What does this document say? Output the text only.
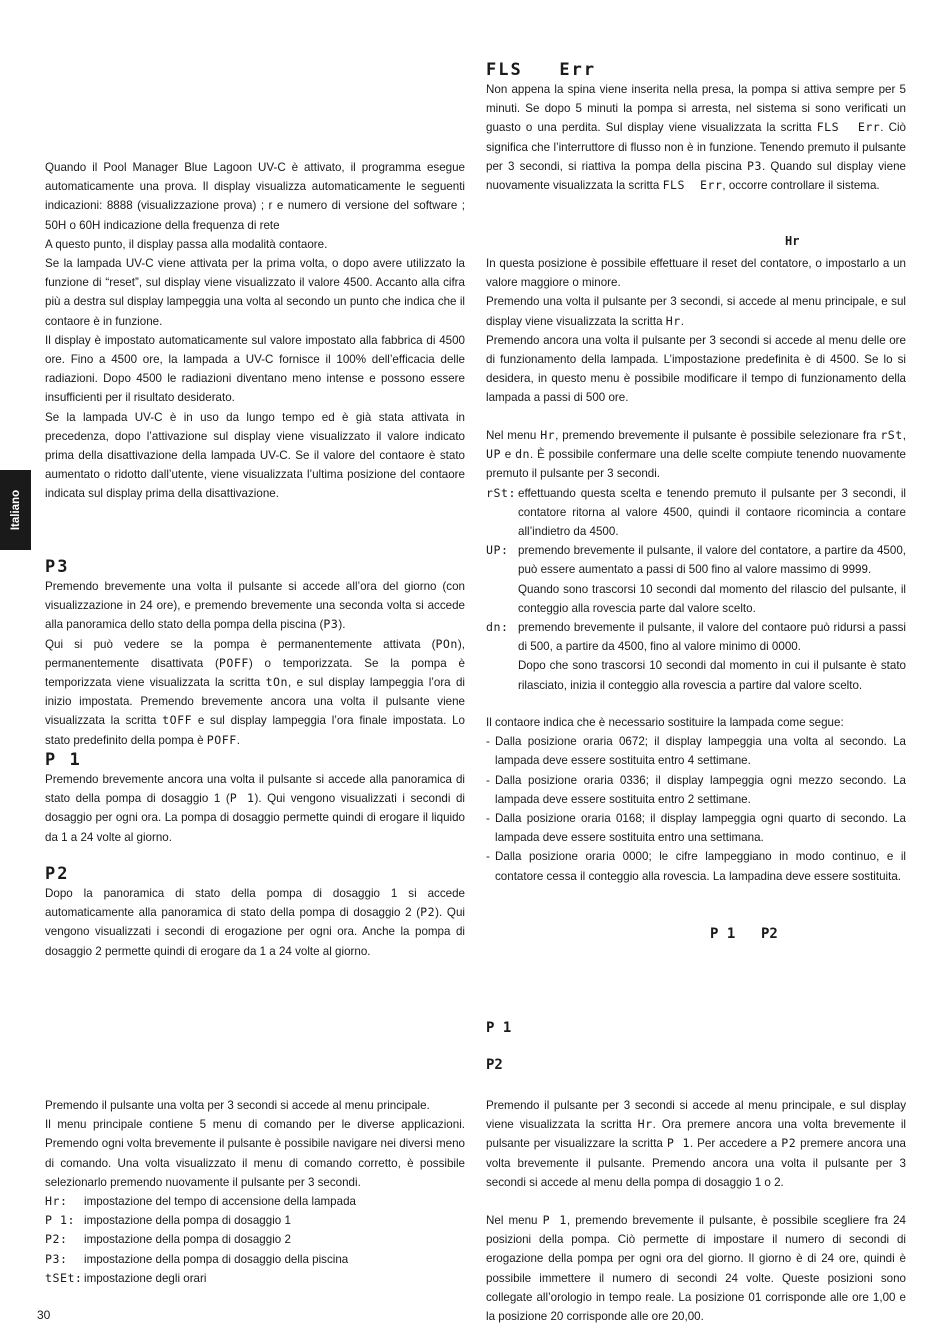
Italiano

Quando il Pool Manager Blue Lagoon UV-C è attivato, il programma esegue automaticamente una prova. Il display visualizza automaticamente le seguenti indicazioni: 8888 (visualizzazione prova) ; r e numero di versione del software ; 50H o 60H indicazione della frequenza di rete

A questo punto, il display passa alla modalità contaore.

Se la lampada UV-C viene attivata per la prima volta, o dopo avere utilizzato la funzione di “reset”, sul display viene visualizzato il valore 4500. Accanto alla cifra più a destra sul display lampeggia una volta al secondo un punto che indica che il contaore è in funzione.

Il display è impostato automaticamente sul valore impostato alla fabbrica di 4500 ore. Fino a 4500 ore, la lampada a UV-C fornisce il 100% dell’efficacia delle radiazioni. Dopo 4500 le radiazioni diventano meno intense e possono essere insufficienti per il risultato desiderato.

Se la lampada UV-C è in uso da lungo tempo ed è già stata attivata in precedenza, dopo l’attivazione sul display viene visualizzato il valore indicato prima della disattivazione della lampada UV-C. Se il valore del contaore è stato aumentato o ridotto dall’utente, viene visualizzata l’ultima posizione del contaore indicata sul display prima della disattivazione.

P3

Premendo brevemente una volta il pulsante si accede all’ora del giorno (con visualizzazione in 24 ore), e premendo brevemente una seconda volta si accede alla panoramica dello stato della pompa della piscina (P3).
Qui si può vedere se la pompa è permanentemente attivata (POn), permanentemente disattivata (POFF) o temporizzata. Se la pompa è temporizzata viene visualizzata la scritta tOn, e sul display lampeggia l’ora di inizio impostata. Premendo brevemente ancora una volta il pulsante viene visualizzata la scritta tOFF e sul display lampeggia l’ora finale impostata. Lo stato predefinito della pompa è POFF.

P 1

Premendo brevemente ancora una volta il pulsante si accede alla panoramica di stato della pompa di dosaggio 1 (P 1). Qui vengono visualizzati i secondi di dosaggio per ogni ora. La pompa di dosaggio permette quindi di erogare il liquido da 1 a 24 volte al giorno.

P2

Dopo la panoramica di stato della pompa di dosaggio 1 si accede automaticamente alla panoramica di stato della pompa di dosaggio 2 (P2). Qui vengono visualizzati i secondi di erogazione per ogni ora. Anche la pompa di dosaggio 2 permette quindi di erogare da 1 a 24 volte al giorno.

Premendo il pulsante una volta per 3 secondi si accede al menu principale.

Il menu principale contiene 5 menu di comando per le diverse applicazioni. Premendo ogni volta brevemente il pulsante è possibile navigare nei diversi meno di comando. Una volta visualizzato il menu di comando corretto, è possibile selezionarlo premendo nuovamente il pulsante per 3 secondi.

Hr:	impostazione del tempo di accensione della lampada
P 1: impostazione della pompa di dosaggio 1
P2:	impostazione della pompa di dosaggio 2
P3:	impostazione della pompa di dosaggio della piscina
tSEt: impostazione degli orari
FLS   Err

Non appena la spina viene inserita nella presa, la pompa si attiva sempre per 5 minuti. Se dopo 5 minuti la pompa si arresta, nel sistema si sono verificati un guasto o una perdita. Sul display viene visualizzata la scritta FLS  Err. Ciò significa che l’interruttore di flusso non è in funzione. Tenendo premuto il pulsante per 3 secondi, si riattiva la pompa della piscina P3. Quando sul display viene nuovamente visualizzata la scritta FLS  Err, occorre controllare il sistema.

Hr

In questa posizione è possibile effettuare il reset del contatore, o impostarlo a un valore maggiore o minore.

Premendo una volta il pulsante per 3 secondi, si accede al menu principale, e sul display viene visualizzata la scritta Hr.

Premendo ancora una volta il pulsante per 3 secondi si accede al menu delle ore di funzionamento della lampada. L’impostazione predefinita è di 4500. Se lo si desidera, in questo menu è possibile modificare il tempo di funzionamento della lampada a passi di 500 ore.

Nel menu Hr, premendo brevemente il pulsante è possibile selezionare fra rSt, UP e dn. È possibile confermare una delle scelte compiute tenendo nuovamente premuto il pulsante per 3 secondi.

rSt: effettuando questa scelta e tenendo premuto il pulsante per 3 secondi, il contatore ritorna al valore 4500, quindi il contaore ricomincia a contare all’indietro da 4500.
UP: premendo brevemente il pulsante, il valore del contatore, a partire da 4500, può essere aumentato a passi di 500 fino al valore massimo di 9999.
Quando sono trascorsi 10 secondi dal momento del rilascio del pulsante, il conteggio alla rovescia parte dal valore scelto.
dn: premendo brevemente il pulsante, il valore del contaore può ridursi a passi di 500, a partire da 4500, fino al valore minimo di 0000.
Dopo che sono trascorsi 10 secondi dal momento in cui il pulsante è stato rilasciato, inizia il conteggio alla rovescia a partire dal valore scelto.

Il contaore indica che è necessario sostituire la lampada come segue:

- Dalla posizione oraria 0672; il display lampeggia una volta al secondo. La lampada deve essere sostituita entro 4 settimane.
- Dalla posizione oraria 0336; il display lampeggia ogni mezzo secondo. La lampada deve essere sostituita entro 2 settimane.
- Dalla posizione oraria 0168; il display lampeggia ogni quarto di secondo. La lampada deve essere sostituita entro una settimana.
- Dalla posizione oraria 0000; le cifre lampeggiano in modo continuo, e il contatore cessa il conteggio alla rovescia. La lampadina deve essere sostituita.
P 1 P2
P 1
P2

Premendo il pulsante per 3 secondi si accede al menu principale, e sul display viene visualizzata la scritta Hr. Ora premere ancora una volta brevemente il pulsante per visualizzare la scritta P 1. Per accedere a P2 premere ancora una volta brevemente il pulsante. Premendo ancora una volta il pulsante per 3 secondi si accede al menu della pompa di dosaggio 1 o 2.

Nel menu P 1, premendo brevemente il pulsante, è possibile scegliere fra 24 posizioni della pompa. Ciò permette di impostare il numero di secondi di erogazione della pompa per ogni ora del giorno. Il giorno è di 24 ore, quindi è possibile immettere il numero di secondi 24 volte. Queste posizioni sono collegate all’orologio in tempo reale. La posizione 01 corrisponde alle ore 1,00 e la posizione 20 corrisponde alle ore 20,00.

30
